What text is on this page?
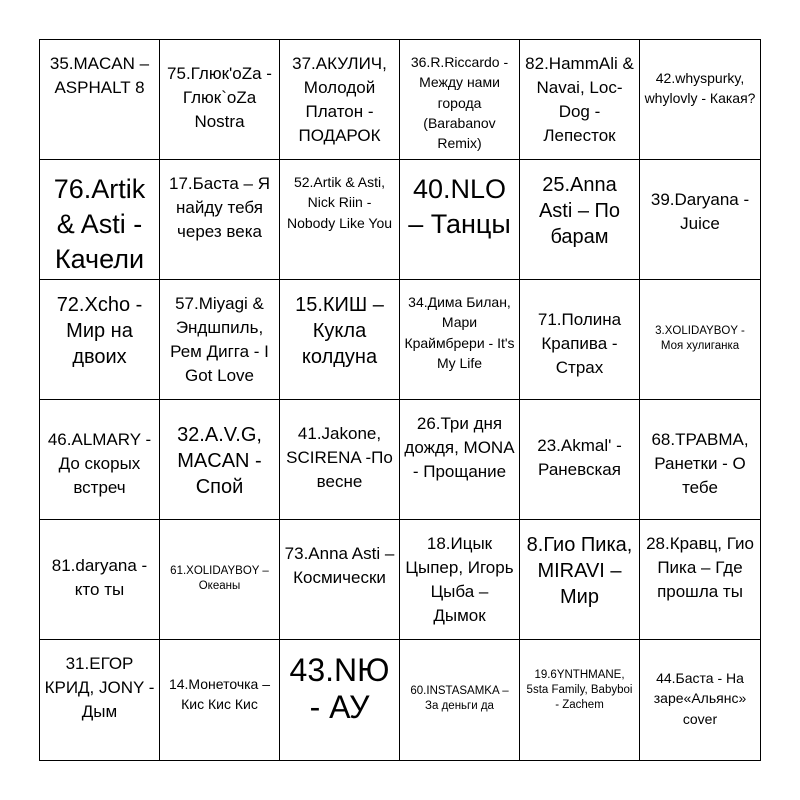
35.MACAN – ASPHALT 8
75.Глюк'oZa - Глюк`oZa Nostra
37.АКУЛИЧ, Молодой Платон - ПОДАРОК
36.R.Riccardo - Между нами города (Barabanov Remix)
82.HammAli & Navai, Loc-Dog - Лепесток
42.whyspurky, whylovly - Какая?
76.Artik & Asti - Качели
17.Баста – Я найду тебя через века
52.Artik & Asti, Nick Riin - Nobody Like You
40.NLO – Танцы
25.Anna Asti – По барам
39.Daryana - Juice
72.Xcho - Мир на двоих
57.Miyagi & Эндшпиль, Рем Дигга - I Got Love
15.КИШ – Кукла колдуна
34.Дима Билан, Мари Краймбрери - It's My Life
71.Полина Крапива - Страх
3.XOLIDAYBOY - Моя хулиганка
46.ALMARY - До скорых встреч
32.A.V.G, MACAN - Спой
41.Jakone, SCIRENA -По весне
26.Три дня дождя, MONA - Прощание
23.Akmal' - Раневская
68.ТРАВМА, Ранетки - О тебе
81.daryana - кто ты
61.XOLIDAYBOY – Океаны
73.Anna Asti – Космически
18.Ицык Цыпер, Игорь Цыба – Дымок
8.Гио Пика, MIRAVI – Мир
28.Кравц, Гио Пика – Где прошла ты
31.ЕГОР КРИД, JONY - Дым
14.Монеточка – Кис Кис Кис
43.NЮ - АУ	60.INSTASAMKA – За деньги да
19.6YNTHMANE, 5sta Family, Babyboi - Zachem
44.Баста - На заре«Альянс» cover
